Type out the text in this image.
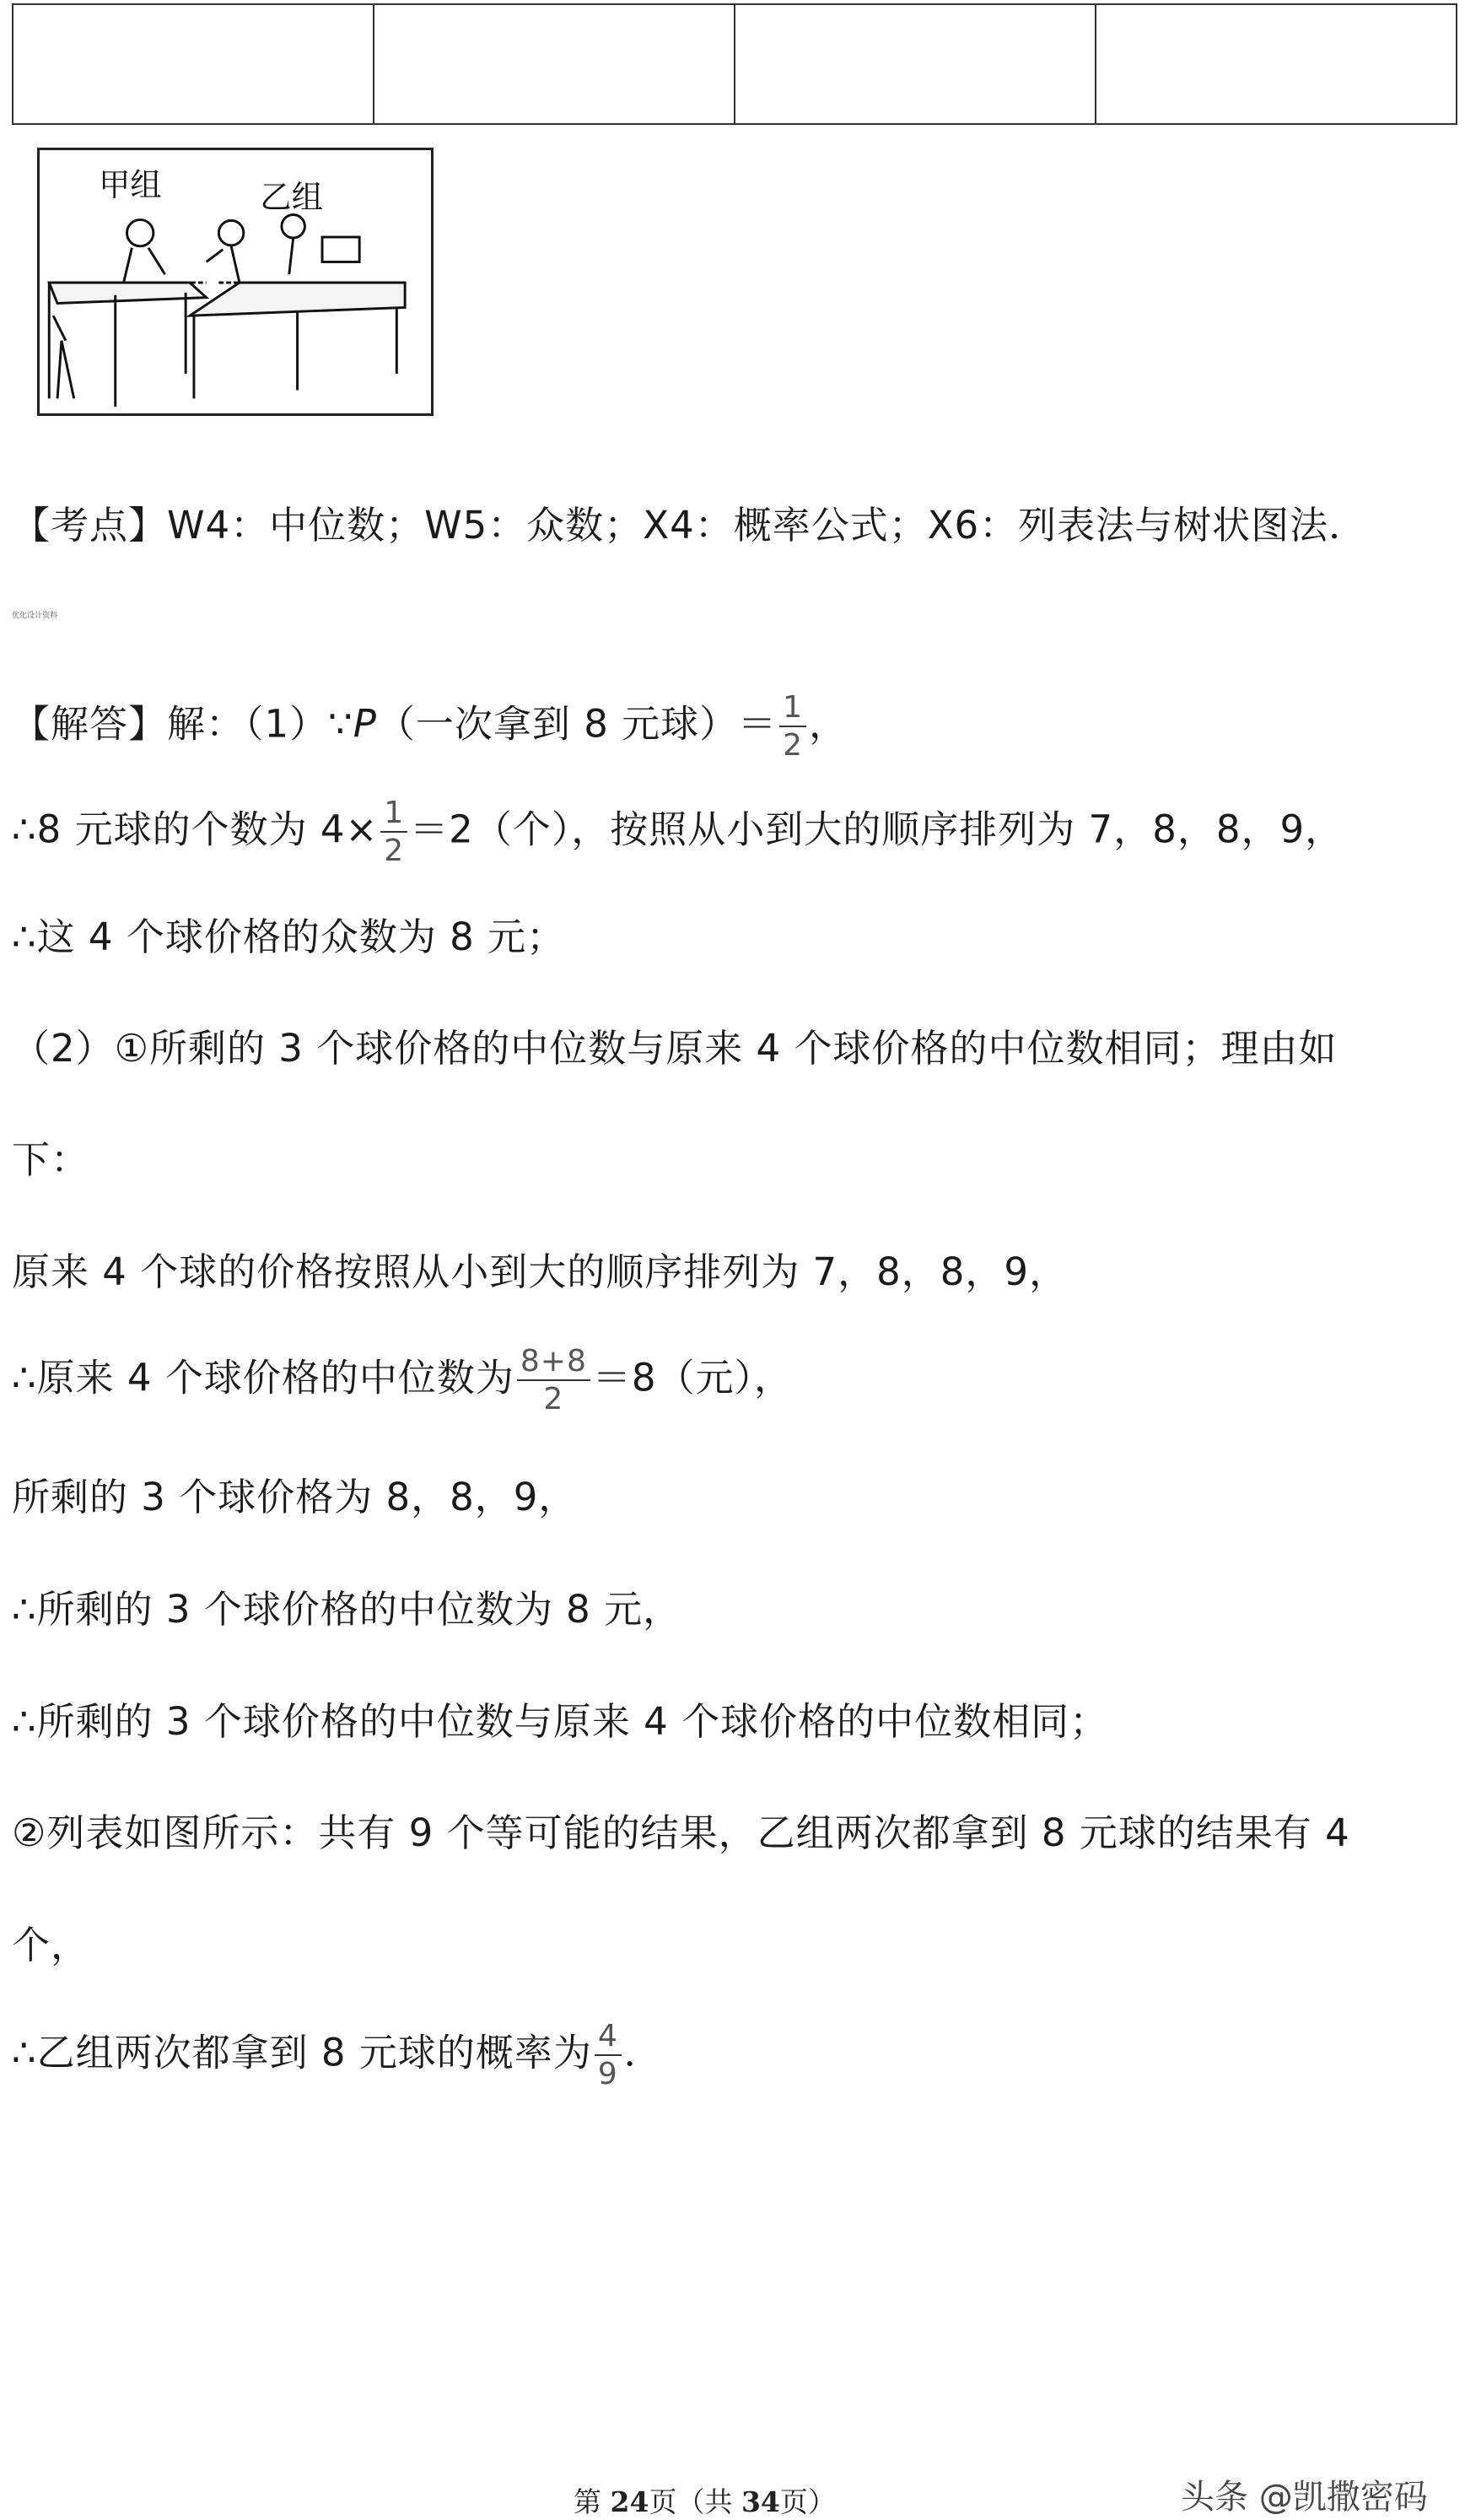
甲组	乙组
【考点】W4：中位数；W5：众数；X4：概率公式；X6：列表法与树状图法．
优化设计资料
【解答】解：（1）∵P（一次拿到 8 元球）＝ $\frac{1}{2}$ ，
∴8 元球的个数为 $4\times \frac{1}{2} =2$（个），按照从小到大的顺序排列为 7，8，8，9，
∴这 4 个球价格的众数为 8 元；
（2）①所剩的 3 个球价格的中位数与原来 4 个球价格的中位数相同；理由如
下：
原来 4 个球的价格按照从小到大的顺序排列为 7，8，8，9，
∴原来 4 个球价格的中位数为 $\frac{8+8}{2} =8$（元），
所剩的 3 个球价格为 8，8，9，
∴所剩的 3 个球价格的中位数为 8 元，
∴所剩的 3 个球价格的中位数与原来 4 个球价格的中位数相同；
②列表如图所示：共有 9 个等可能的结果，乙组两次都拿到 8 元球的结果有 4
个，
∴乙组两次都拿到 8 元球的概率为 $\frac{4}{9}$ ．
第 24页（共 34页）	头条 @凯撒密码
